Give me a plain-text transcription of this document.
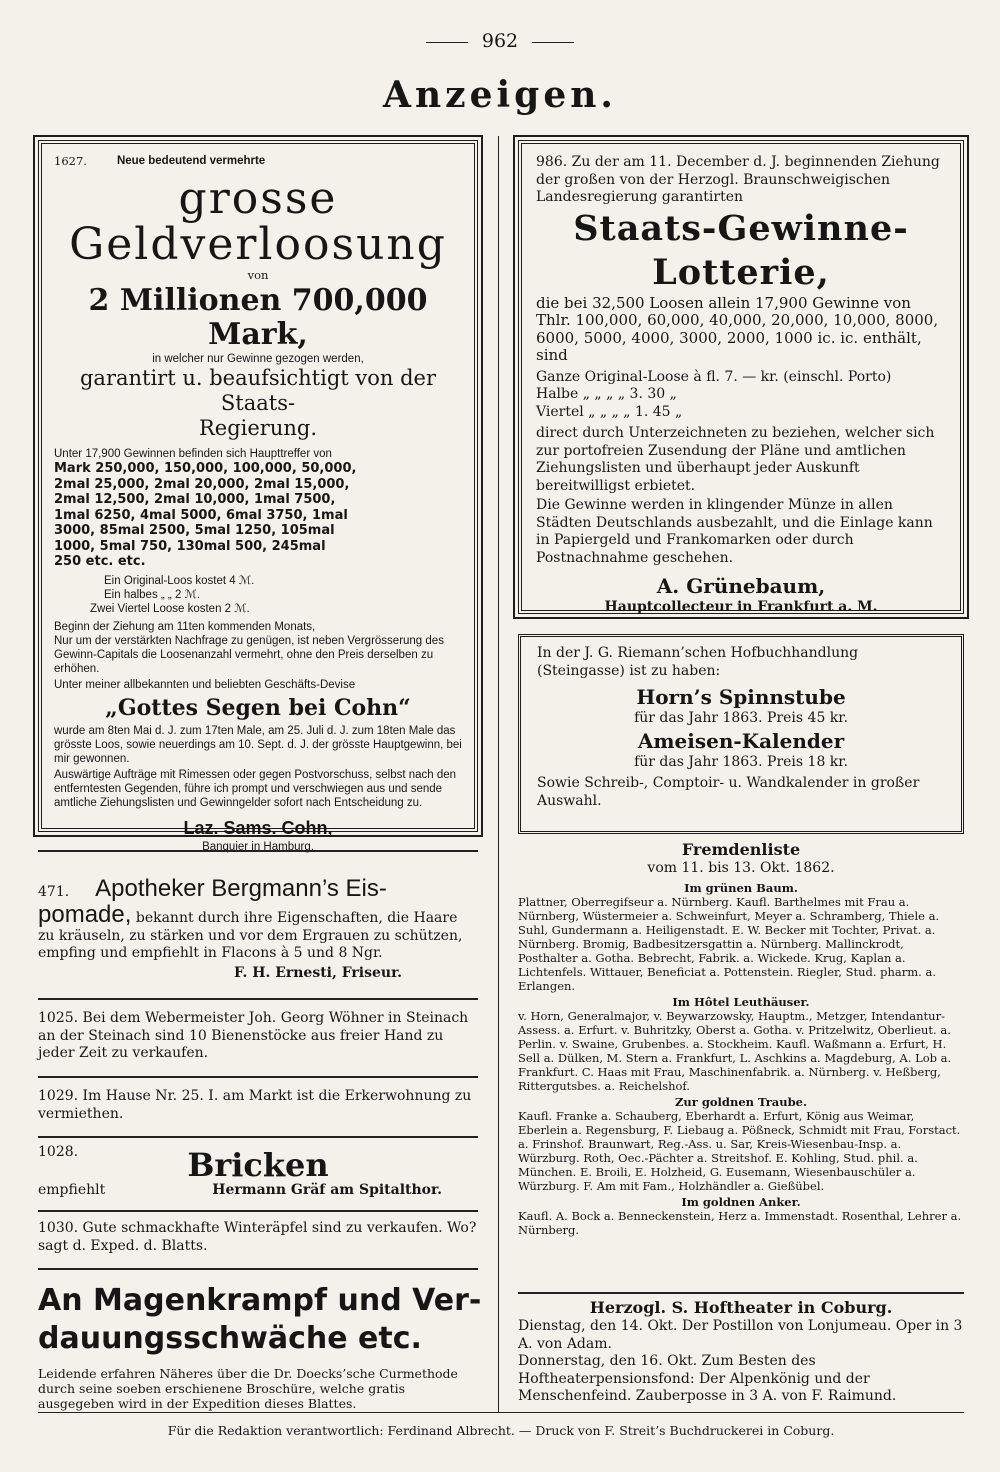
962
Anzeigen.
1627.	Neue bedeutend vermehrte
grosse Geldverloosung
von
2 Millionen 700,000 Mark,
in welcher nur Gewinne gezogen werden,
garantirt u. beaufsichtigt von der Staats-
Regierung.
Unter 17,900 Gewinnen befinden sich Haupttreffer von
Mark 250,000, 150,000, 100,000, 50,000,
2mal 25,000, 2mal 20,000, 2mal 15,000,
2mal 12,500, 2mal 10,000, 1mal 7500,
1mal 6250, 4mal 5000, 6mal 3750, 1mal
3000, 85mal 2500, 5mal 1250, 105mal
1000, 5mal 750, 130mal 500, 245mal
250 etc. etc.
Ein Original-Loos kostet 4 ℳ.
Ein halbes „ „ 2 ℳ.
Zwei Viertel Loose kosten 2 ℳ.
Beginn der Ziehung am 11ten kommenden Monats,
Nur um der verstärkten Nachfrage zu genügen, ist neben Vergrösserung des Gewinn-Capitals die Loosenanzahl vermehrt, ohne den Preis derselben zu erhöhen.
Unter meiner allbekannten und beliebten Geschäfts-Devise
„Gottes Segen bei Cohn“
wurde am 8ten Mai d. J. zum 17ten Male, am 25. Juli d. J. zum 18ten Male das grösste Loos, sowie neuerdings am 10. Sept. d. J. der grösste Hauptgewinn, bei mir gewonnen.
Auswärtige Aufträge mit Rimessen oder gegen Postvorschuss, selbst nach den entferntesten Gegenden, führe ich prompt und verschwiegen aus und sende amtliche Ziehungslisten und Gewinngelder sofort nach Entscheidung zu.
Laz. Sams. Cohn,
Banquier in Hamburg.
471. Apotheker Bergmann’s Eis-
pomade, bekannt durch ihre Eigenschaften, die Haare zu kräuseln, zu stärken und vor dem Ergrauen zu schützen, empfing und empfiehlt in Flacons à 5 und 8 Ngr.
F. H. Ernesti, Friseur.
1025. Bei dem Webermeister Joh. Georg Wöhner in Steinach an der Steinach sind 10 Bienenstöcke aus freier Hand zu jeder Zeit zu verkaufen.
1029. Im Hause Nr. 25. I. am Markt ist die Erkerwohnung zu vermiethen.
1028.	Bricken
empfiehlt	Hermann Gräf am Spitalthor.
1030. Gute schmackhafte Winteräpfel sind zu verkaufen. Wo? sagt d. Exped. d. Blatts.
An Magenkrampf und Ver-
dauungsschwäche etc.
Leidende erfahren Näheres über die Dr. Doecks’sche Curmethode durch seine soeben erschienene Broschüre, welche gratis ausgegeben wird in der Expedition dieses Blattes.
986. Zu der am 11. December d. J. beginnenden Ziehung der großen von der Herzogl. Braunschweigischen Landesregierung garantirten
Staats-Gewinne-Lotterie,
die bei 32,500 Loosen allein 17,900 Gewinne von Thlr. 100,000, 60,000, 40,000, 20,000, 10,000, 8000, 6000, 5000, 4000, 3000, 2000, 1000 ic. ic. enthält, sind
Ganze Original-Loose à fl. 7. — kr. (einschl. Porto)
Halbe „ „ „ „ 3. 30 „
Viertel „ „ „ „ 1. 45 „
direct durch Unterzeichneten zu beziehen, welcher sich zur portofreien Zusendung der Pläne und amtlichen Ziehungslisten und überhaupt jeder Auskunft bereitwilligst erbietet.
Die Gewinne werden in klingender Münze in allen Städten Deutschlands ausbezahlt, und die Einlage kann in Papiergeld und Frankomarken oder durch Postnachnahme geschehen.
A. Grünebaum,
Hauptcollecteur in Frankfurt a. M.
In der J. G. Riemann’schen Hofbuchhandlung (Steingasse) ist zu haben:
Horn’s Spinnstube
für das Jahr 1863. Preis 45 kr.
Ameisen-Kalender
für das Jahr 1863. Preis 18 kr.
Sowie Schreib-, Comptoir- u. Wandkalender in großer Auswahl.
Fremdenliste
vom 11. bis 13. Okt. 1862.
Im grünen Baum.
Plattner, Oberregifseur a. Nürnberg. Kaufl. Barthelmes mit Frau a. Nürnberg, Wüstermeier a. Schweinfurt, Meyer a. Schramberg, Thiele a. Suhl, Gundermann a. Heiligenstadt. E. W. Becker mit Tochter, Privat. a. Nürnberg. Bromig, Badbesitzersgattin a. Nürnberg. Mallinckrodt, Posthalter a. Gotha. Bebrecht, Fabrik. a. Wickede. Krug, Kaplan a. Lichtenfels. Wittauer, Beneficiat a. Pottenstein. Riegler, Stud. pharm. a. Erlangen.
Im Hôtel Leuthäuser.
v. Horn, Generalmajor, v. Beywarzowsky, Hauptm., Metzger, Intendantur-Assess. a. Erfurt. v. Buhritzky, Oberst a. Gotha. v. Pritzelwitz, Oberlieut. a. Perlin. v. Swaine, Grubenbes. a. Stockheim. Kaufl. Waßmann a. Erfurt, H. Sell a. Dülken, M. Stern a. Frankfurt, L. Aschkins a. Magdeburg, A. Lob a. Frankfurt. C. Haas mit Frau, Maschinenfabrik. a. Nürnberg. v. Heßberg, Rittergutsbes. a. Reichelshof.
Zur goldnen Traube.
Kaufl. Franke a. Schauberg, Eberhardt a. Erfurt, König aus Weimar, Eberlein a. Regensburg, F. Liebaug a. Pößneck, Schmidt mit Frau, Forstact. a. Frinshof. Braunwart, Reg.-Ass. u. Sar, Kreis-Wiesenbau-Insp. a. Würzburg. Roth, Oec.-Pächter a. Streitshof. E. Kohling, Stud. phil. a. München. E. Broili, E. Holzheid, G. Eusemann, Wiesenbauschüler a. Würzburg. F. Am mit Fam., Holzhändler a. Gießübel.
Im goldnen Anker.
Kaufl. A. Bock a. Benneckenstein, Herz a. Immenstadt. Rosenthal, Lehrer a. Nürnberg.
Herzogl. S. Hoftheater in Coburg.
Dienstag, den 14. Okt. Der Postillon von Lonjumeau. Oper in 3 A. von Adam.
Donnerstag, den 16. Okt. Zum Besten des Hoftheaterpensionsfond: Der Alpenkönig und der Menschenfeind. Zauberposse in 3 A. von F. Raimund.
Für die Redaktion verantwortlich: Ferdinand Albrecht. — Druck von F. Streit’s Buchdruckerei in Coburg.
